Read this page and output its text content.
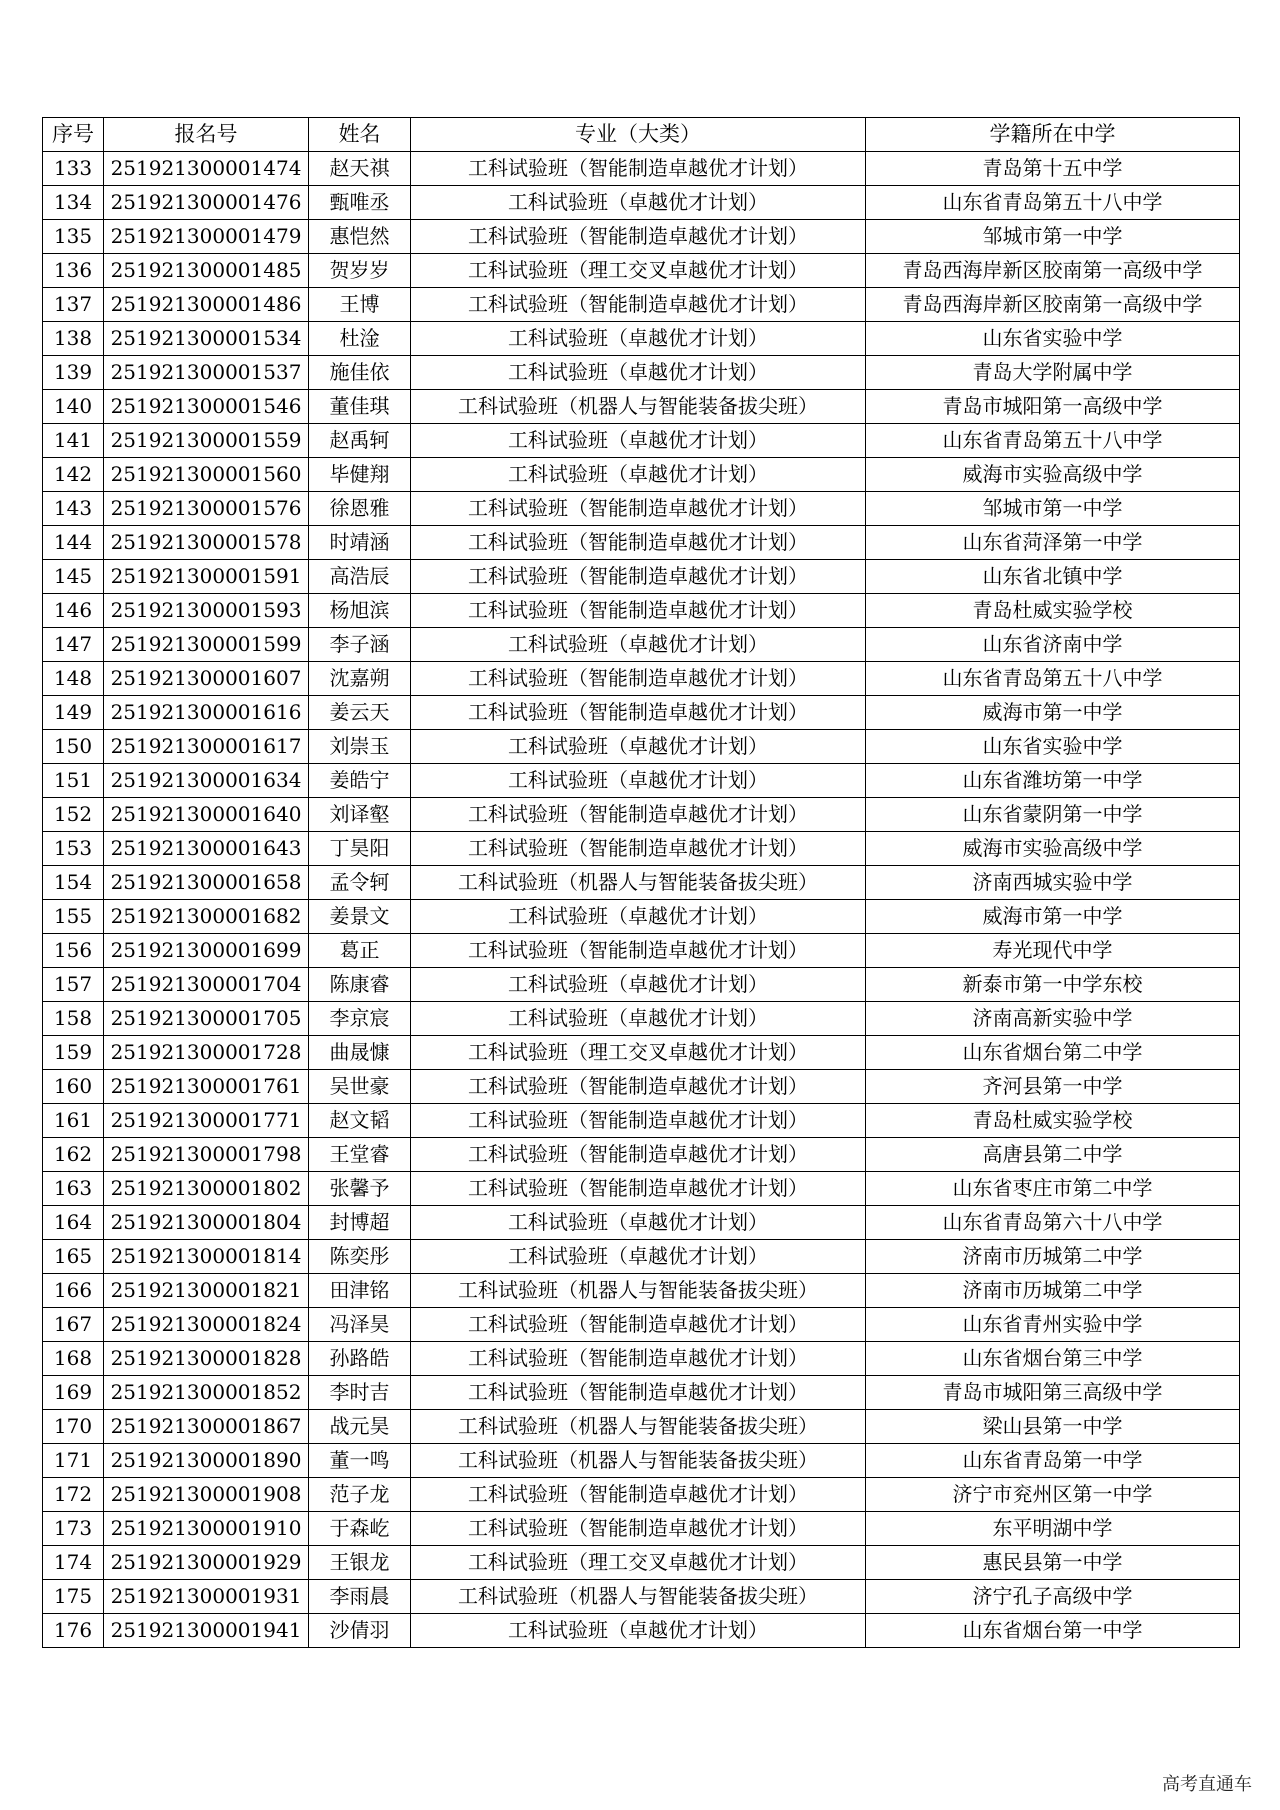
序号	报名号	姓名	专业（大类）	学籍所在中学
133	251921300001474	赵天祺	工科试验班（智能制造卓越优才计划）	青岛第十五中学
134	251921300001476	甄唯丞	工科试验班（卓越优才计划）	山东省青岛第五十八中学
135	251921300001479	惠恺然	工科试验班（智能制造卓越优才计划）	邹城市第一中学
136	251921300001485	贺岁岁	工科试验班（理工交叉卓越优才计划）	青岛西海岸新区胶南第一高级中学
137	251921300001486	王博	工科试验班（智能制造卓越优才计划）	青岛西海岸新区胶南第一高级中学
138	251921300001534	杜淦	工科试验班（卓越优才计划）	山东省实验中学
139	251921300001537	施佳依	工科试验班（卓越优才计划）	青岛大学附属中学
140	251921300001546	董佳琪	工科试验班（机器人与智能装备拔尖班）	青岛市城阳第一高级中学
141	251921300001559	赵禹轲	工科试验班（卓越优才计划）	山东省青岛第五十八中学
142	251921300001560	毕健翔	工科试验班（卓越优才计划）	威海市实验高级中学
143	251921300001576	徐恩雅	工科试验班（智能制造卓越优才计划）	邹城市第一中学
144	251921300001578	时靖涵	工科试验班（智能制造卓越优才计划）	山东省菏泽第一中学
145	251921300001591	高浩辰	工科试验班（智能制造卓越优才计划）	山东省北镇中学
146	251921300001593	杨旭滨	工科试验班（智能制造卓越优才计划）	青岛杜威实验学校
147	251921300001599	李子涵	工科试验班（卓越优才计划）	山东省济南中学
148	251921300001607	沈嘉朔	工科试验班（智能制造卓越优才计划）	山东省青岛第五十八中学
149	251921300001616	姜云天	工科试验班（智能制造卓越优才计划）	威海市第一中学
150	251921300001617	刘崇玉	工科试验班（卓越优才计划）	山东省实验中学
151	251921300001634	姜皓宁	工科试验班（卓越优才计划）	山东省潍坊第一中学
152	251921300001640	刘译壑	工科试验班（智能制造卓越优才计划）	山东省蒙阴第一中学
153	251921300001643	丁昊阳	工科试验班（智能制造卓越优才计划）	威海市实验高级中学
154	251921300001658	孟令轲	工科试验班（机器人与智能装备拔尖班）	济南西城实验中学
155	251921300001682	姜景文	工科试验班（卓越优才计划）	威海市第一中学
156	251921300001699	葛正	工科试验班（智能制造卓越优才计划）	寿光现代中学
157	251921300001704	陈康睿	工科试验班（卓越优才计划）	新泰市第一中学东校
158	251921300001705	李京宸	工科试验班（卓越优才计划）	济南高新实验中学
159	251921300001728	曲晟慷	工科试验班（理工交叉卓越优才计划）	山东省烟台第二中学
160	251921300001761	吴世豪	工科试验班（智能制造卓越优才计划）	齐河县第一中学
161	251921300001771	赵文韬	工科试验班（智能制造卓越优才计划）	青岛杜威实验学校
162	251921300001798	王堂睿	工科试验班（智能制造卓越优才计划）	高唐县第二中学
163	251921300001802	张馨予	工科试验班（智能制造卓越优才计划）	山东省枣庄市第二中学
164	251921300001804	封博超	工科试验班（卓越优才计划）	山东省青岛第六十八中学
165	251921300001814	陈奕彤	工科试验班（卓越优才计划）	济南市历城第二中学
166	251921300001821	田津铭	工科试验班（机器人与智能装备拔尖班）	济南市历城第二中学
167	251921300001824	冯泽昊	工科试验班（智能制造卓越优才计划）	山东省青州实验中学
168	251921300001828	孙路皓	工科试验班（智能制造卓越优才计划）	山东省烟台第三中学
169	251921300001852	李时吉	工科试验班（智能制造卓越优才计划）	青岛市城阳第三高级中学
170	251921300001867	战元昊	工科试验班（机器人与智能装备拔尖班）	梁山县第一中学
171	251921300001890	董一鸣	工科试验班（机器人与智能装备拔尖班）	山东省青岛第一中学
172	251921300001908	范子龙	工科试验班（智能制造卓越优才计划）	济宁市兖州区第一中学
173	251921300001910	于森屹	工科试验班（智能制造卓越优才计划）	东平明湖中学
174	251921300001929	王银龙	工科试验班（理工交叉卓越优才计划）	惠民县第一中学
175	251921300001931	李雨晨	工科试验班（机器人与智能装备拔尖班）	济宁孔子高级中学
176	251921300001941	沙倩羽	工科试验班（卓越优才计划）	山东省烟台第一中学
高考直通车
